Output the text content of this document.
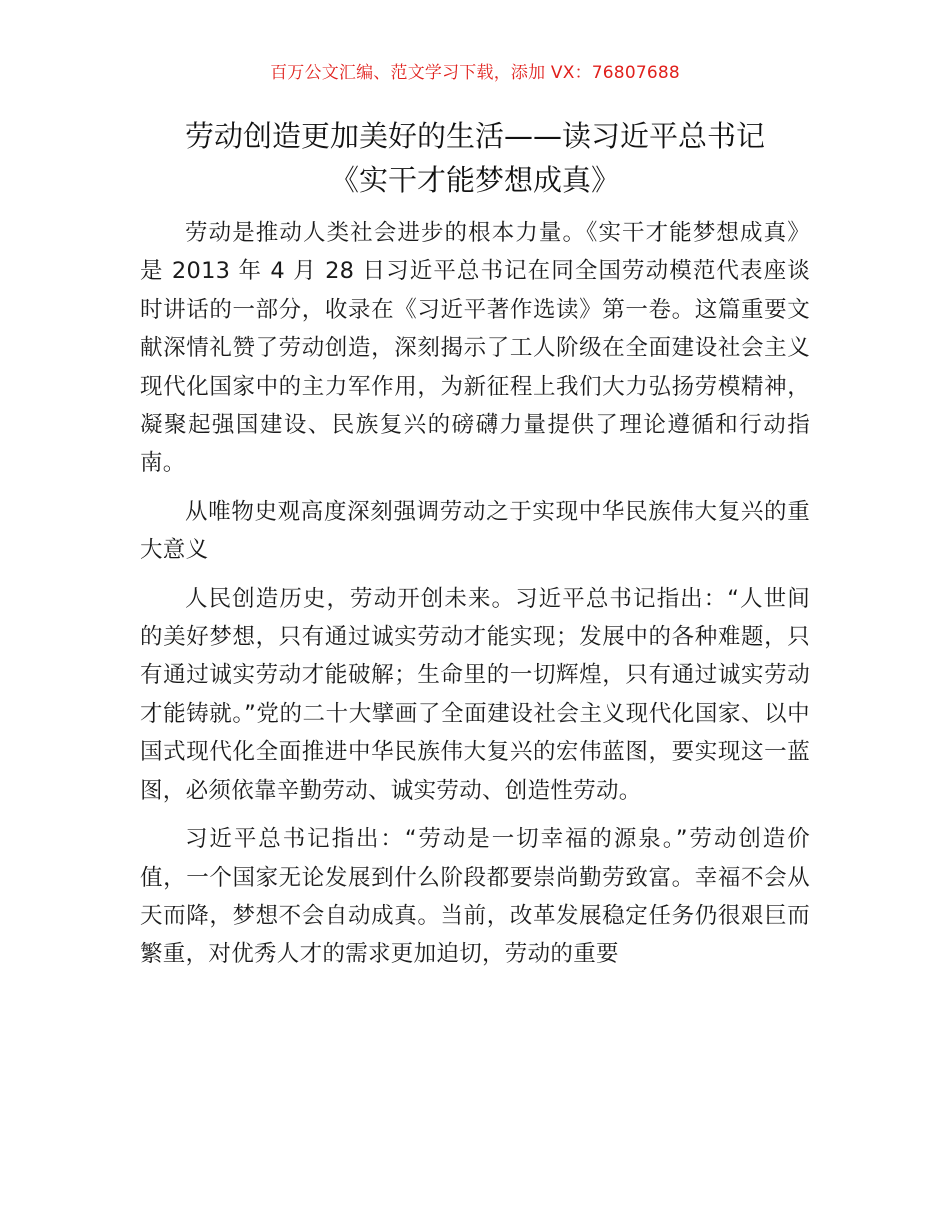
百万公文汇编、范文学习下载，添加 VX：76807688
劳动创造更加美好的生活——读习近平总书记
《实干才能梦想成真》

劳动是推动人类社会进步的根本力量。《实干才能梦想成真》是 2013 年 4 月 28 日习近平总书记在同全国劳动模范代表座谈时讲话的一部分，收录在《习近平著作选读》第一卷。这篇重要文献深情礼赞了劳动创造，深刻揭示了工人阶级在全面建设社会主义现代化国家中的主力军作用，为新征程上我们大力弘扬劳模精神，凝聚起强国建设、民族复兴的磅礴力量提供了理论遵循和行动指南。

从唯物史观高度深刻强调劳动之于实现中华民族伟大复兴的重大意义

人民创造历史，劳动开创未来。习近平总书记指出：“人世间的美好梦想，只有通过诚实劳动才能实现；发展中的各种难题，只有通过诚实劳动才能破解；生命里的一切辉煌，只有通过诚实劳动才能铸就。”党的二十大擘画了全面建设社会主义现代化国家、以中国式现代化全面推进中华民族伟大复兴的宏伟蓝图，要实现这一蓝图，必须依靠辛勤劳动、诚实劳动、创造性劳动。

习近平总书记指出：“劳动是一切幸福的源泉。”劳动创造价值，一个国家无论发展到什么阶段都要崇尚勤劳致富。幸福不会从天而降，梦想不会自动成真。当前，改革发展稳定任务仍很艰巨而繁重，对优秀人才的需求更加迫切，劳动的重要
